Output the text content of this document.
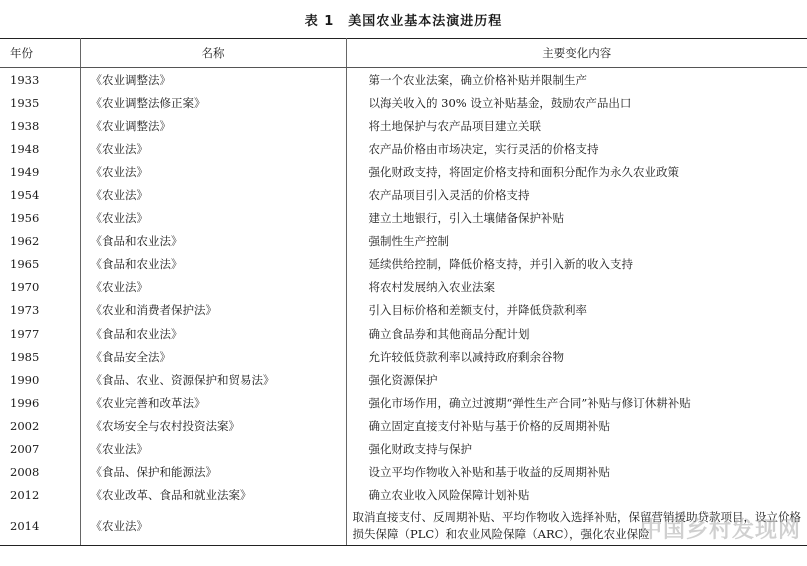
表 1 美国农业基本法演进历程
年份	名称	主要变化内容
1933	《农业调整法》	第一个农业法案，确立价格补贴并限制生产
1935	《农业调整法修正案》	以海关收入的 30% 设立补贴基金，鼓励农产品出口
1938	《农业调整法》	将土地保护与农产品项目建立关联
1948	《农业法》	农产品价格由市场决定，实行灵活的价格支持
1949	《农业法》	强化财政支持，将固定价格支持和面积分配作为永久农业政策
1954	《农业法》	农产品项目引入灵活的价格支持
1956	《农业法》	建立土地银行，引入土壤储备保护补贴
1962	《食品和农业法》	强制性生产控制
1965	《食品和农业法》	延续供给控制，降低价格支持，并引入新的收入支持
1970	《农业法》	将农村发展纳入农业法案
1973	《农业和消费者保护法》	引入目标价格和差额支付，并降低贷款利率
1977	《食品和农业法》	确立食品券和其他商品分配计划
1985	《食品安全法》	允许较低贷款利率以减持政府剩余谷物
1990	《食品、农业、资源保护和贸易法》	强化资源保护
1996	《农业完善和改革法》	强化市场作用，确立过渡期“弹性生产合同”补贴与修订休耕补贴
2002	《农场安全与农村投资法案》	确立固定直接支付补贴与基于价格的反周期补贴
2007	《农业法》	强化财政支持与保护
2008	《食品、保护和能源法》	设立平均作物收入补贴和基于收益的反周期补贴
2012	《农业改革、食品和就业法案》	确立农业收入风险保障计划补贴
2014	《农业法》	取消直接支付、反周期补贴、平均作物收入选择补贴，保留营销援助贷款项目，设立价格损失保障（PLC）和农业风险保障（ARC），强化农业保险
中国乡村发现网
